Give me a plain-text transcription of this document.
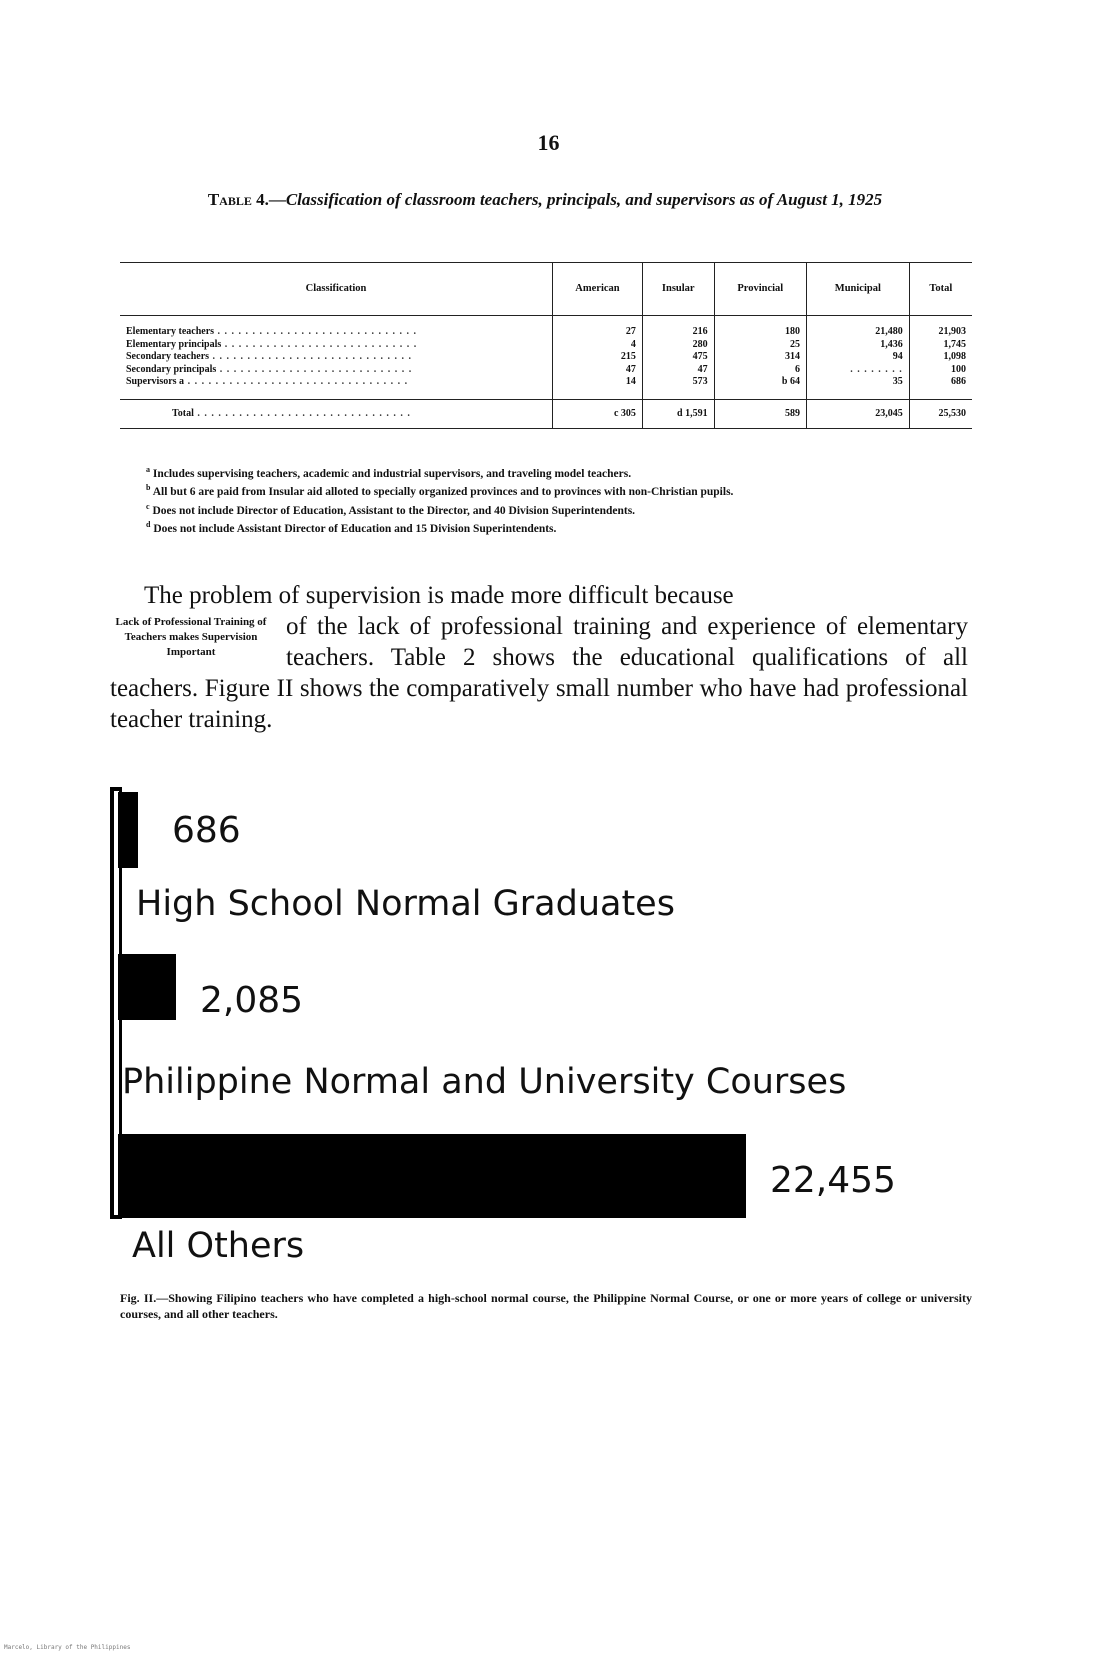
16
Table 4.—Classification of classroom teachers, principals, and supervisors as of August 1, 1925
Classification	American	Insular	Provincial	Municipal	Total
Elementary teachers . . . . . . . . . . . . . . . . . . . . . . . . . . . . .	27	216	180	21,480	21,903
Elementary principals . . . . . . . . . . . . . . . . . . . . . . . . . . . .	4	280	25	1,436	1,745
Secondary teachers . . . . . . . . . . . . . . . . . . . . . . . . . . . . .	215	475	314	94	1,098
Secondary principals . . . . . . . . . . . . . . . . . . . . . . . . . . . .	47	47	6	. . . . . . . .	100
Supervisors a . . . . . . . . . . . . . . . . . . . . . . . . . . . . . . . .	14	573	b 64	35	686
Total . . . . . . . . . . . . . . . . . . . . . . . . . . . . . . .	c 305	d 1,591	589	23,045	25,530

$^a$ Includes supervising teachers, academic and industrial supervisors, and traveling model teachers.

$^b$ All but 6 are paid from Insular aid alloted to specially organized provinces and to provinces with non-Christian pupils.

$^c$ Does not include Director of Education, Assistant to the Director, and 40 Division Superintendents.

$^d$ Does not include Assistant Director of Education and 15 Division Superintendents.

The problem of supervision is made more difficult because
Lack of Professional Training of Teachers makes Supervision Important
of the lack of professional training and experience of elementary teachers. Table 2 shows the educational qualifications of all teachers. Figure II shows the comparatively small number who have had professional teacher training.
686
High School Normal Graduates
2,085
Philippine Normal and University Courses
22,455
All Others
Fig. II.—Showing Filipino teachers who have completed a high-school normal course, the Philippine Normal Course, or one or more years of college or university courses, and all other teachers.
Marcelo, Library of the Philippines
